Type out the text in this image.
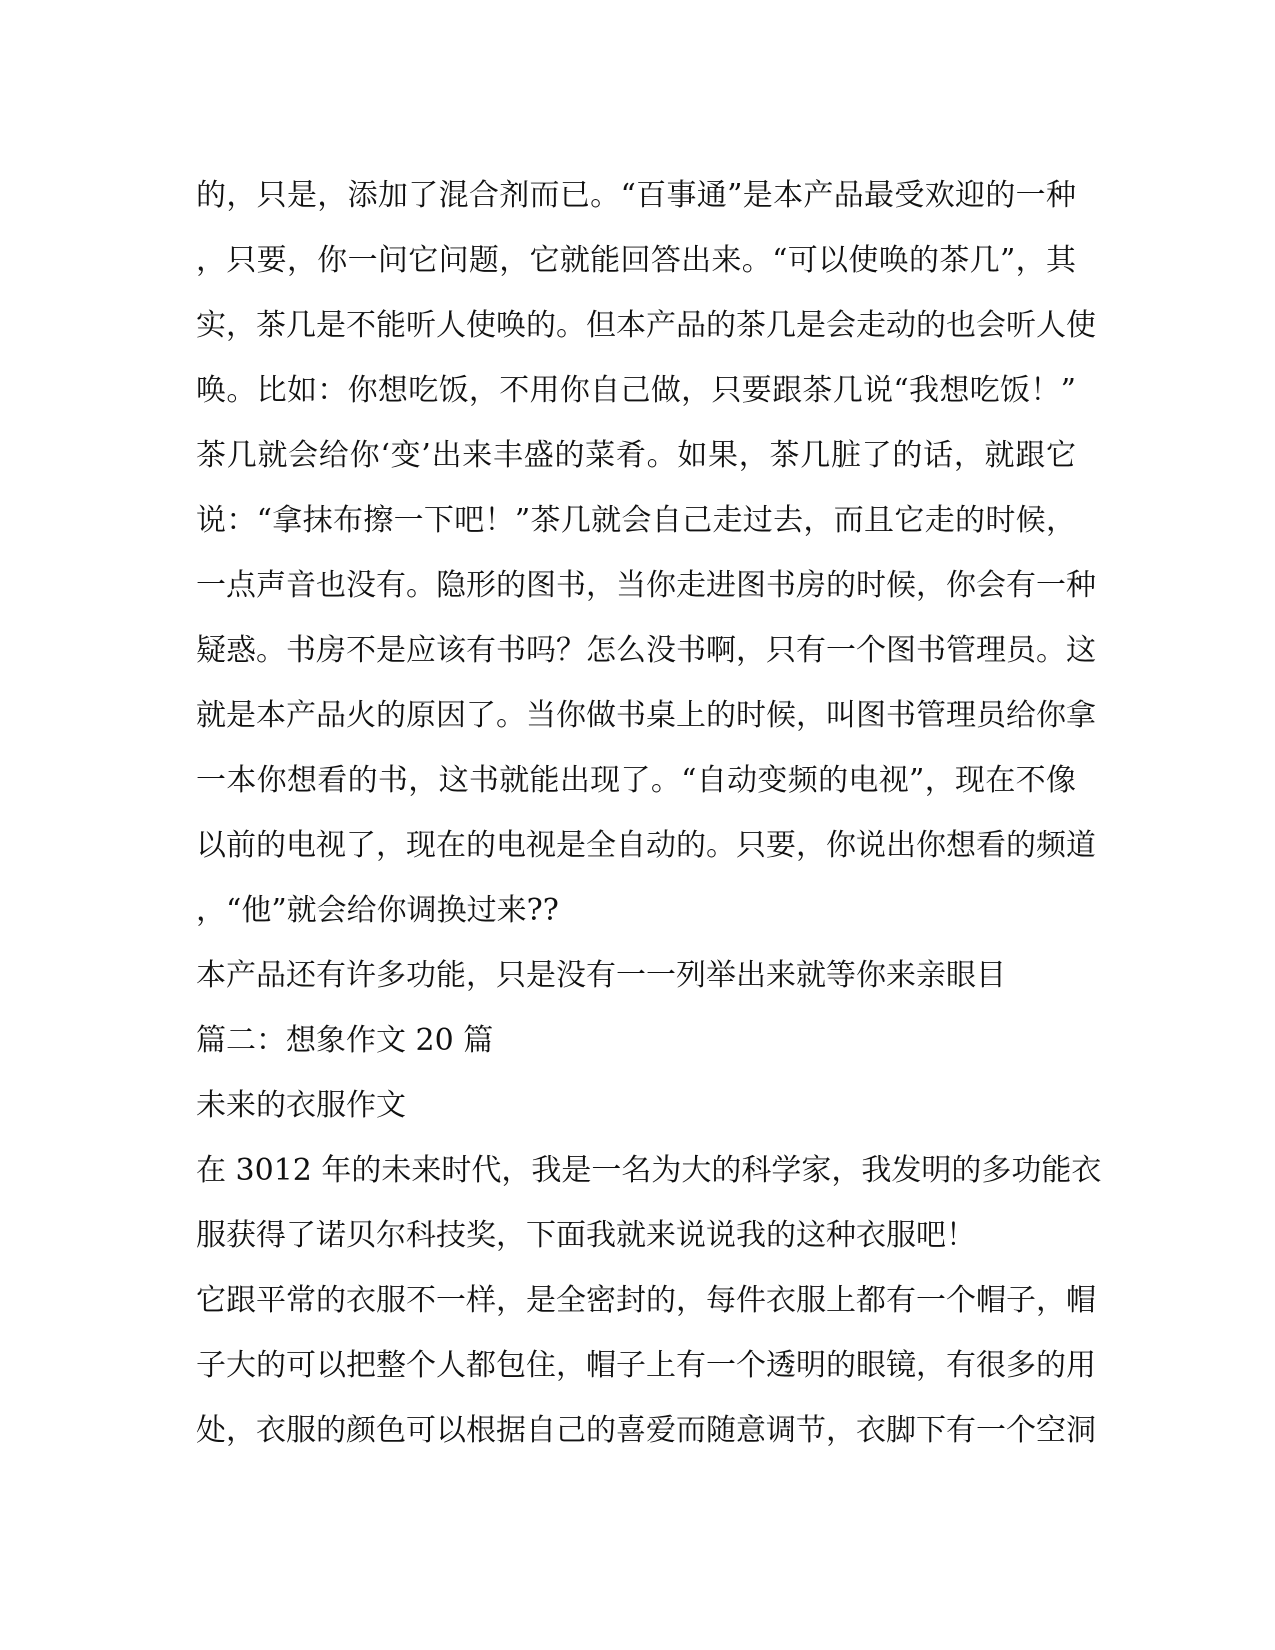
的，只是，添加了混合剂而已。“百事通”是本产品最受欢迎的一种
，只要，你一问它问题，它就能回答出来。“可以使唤的茶几”，其
实，茶几是不能听人使唤的。但本产品的茶几是会走动的也会听人使
唤。比如：你想吃饭，不用你自己做，只要跟茶几说“我想吃饭！”
茶几就会给你‘变’出来丰盛的菜肴。如果，茶几脏了的话，就跟它
说：“拿抹布擦一下吧！”茶几就会自己走过去，而且它走的时候，
一点声音也没有。隐形的图书，当你走进图书房的时候，你会有一种
疑惑。书房不是应该有书吗？怎么没书啊，只有一个图书管理员。这
就是本产品火的原因了。当你做书桌上的时候，叫图书管理员给你拿
一本你想看的书，这书就能出现了。“自动变频的电视”，现在不像
以前的电视了，现在的电视是全自动的。只要，你说出你想看的频道
，“他”就会给你调换过来??
本产品还有许多功能，只是没有一一列举出来就等你来亲眼目
篇二：想象作文 20 篇
未来的衣服作文
在 3012 年的未来时代，我是一名为大的科学家，我发明的多功能衣
服获得了诺贝尔科技奖，下面我就来说说我的这种衣服吧！
它跟平常的衣服不一样，是全密封的，每件衣服上都有一个帽子，帽
子大的可以把整个人都包住，帽子上有一个透明的眼镜，有很多的用
处，衣服的颜色可以根据自己的喜爱而随意调节，衣脚下有一个空洞
